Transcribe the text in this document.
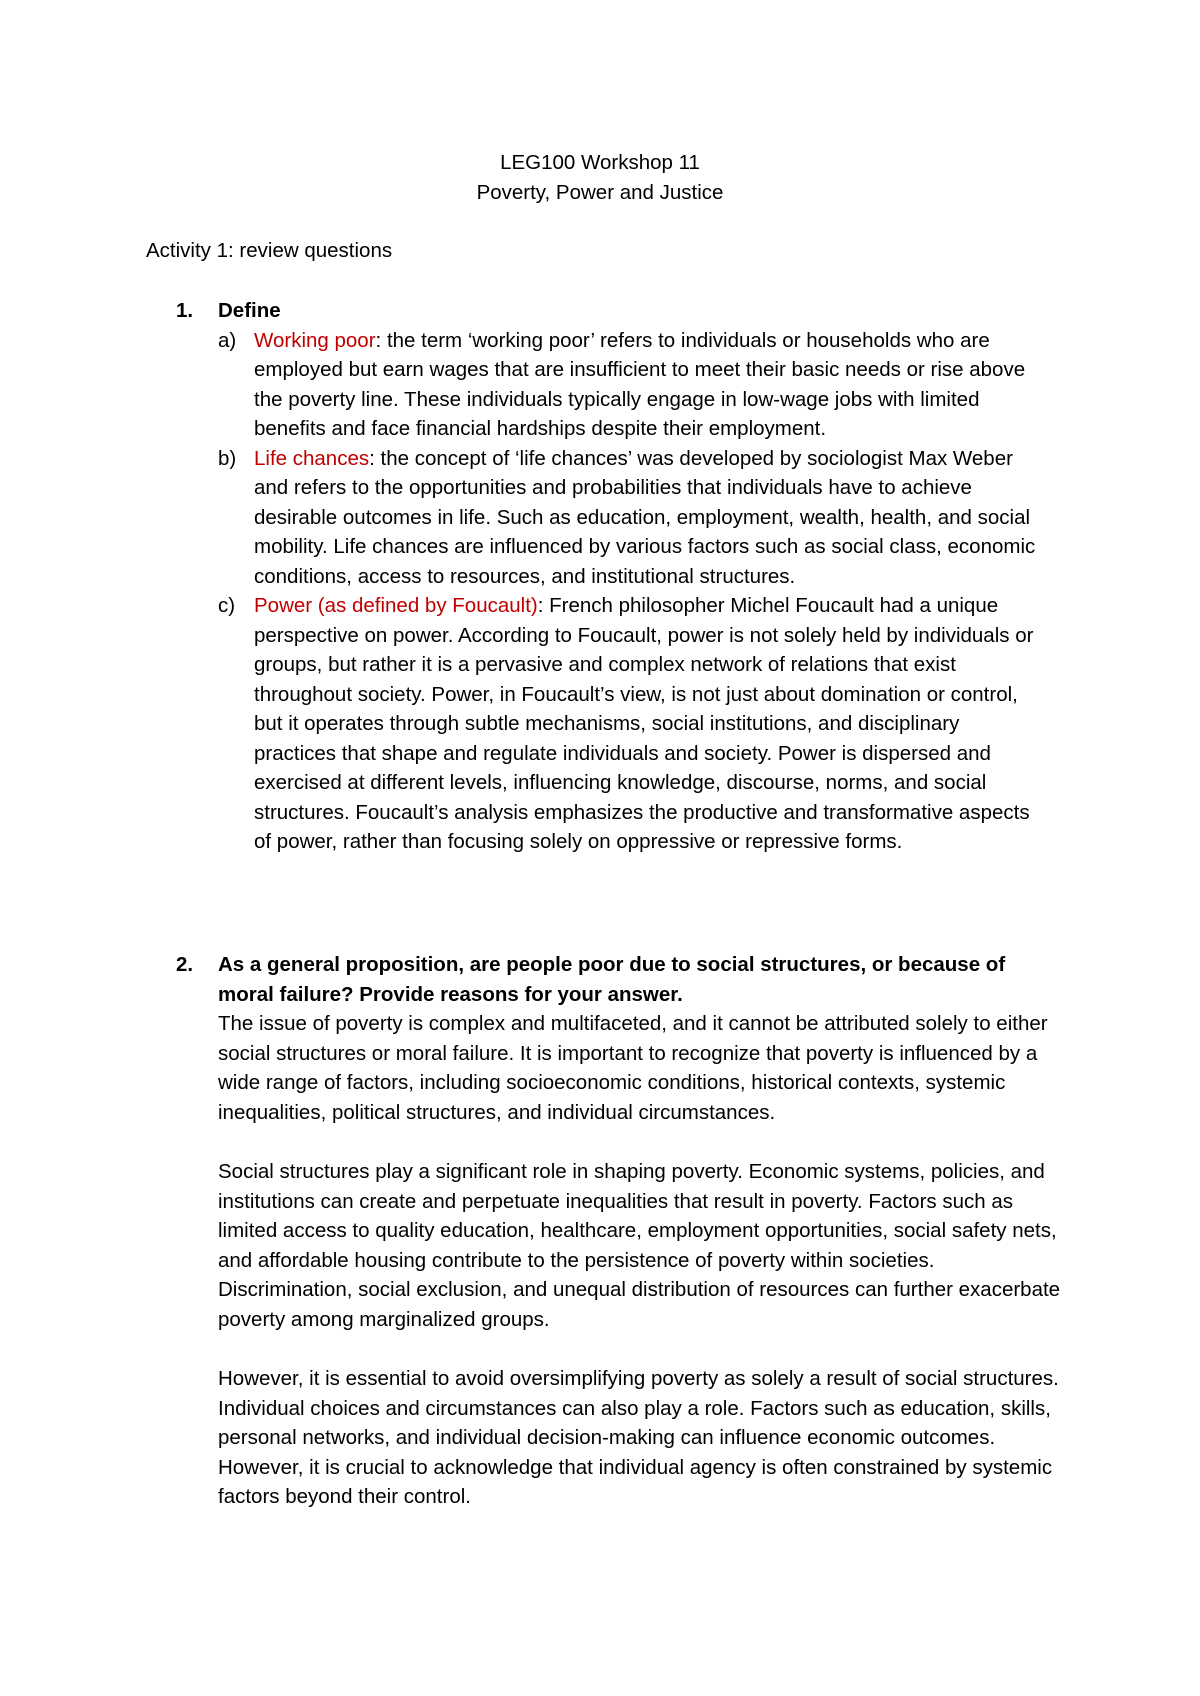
LEG100 Workshop 11
Poverty, Power and Justice
Activity 1: review questions
1. Define
a) Working poor: the term ‘working poor’ refers to individuals or households who are employed but earn wages that are insufficient to meet their basic needs or rise above the poverty line. These individuals typically engage in low-wage jobs with limited benefits and face financial hardships despite their employment.
b) Life chances: the concept of ‘life chances’ was developed by sociologist Max Weber and refers to the opportunities and probabilities that individuals have to achieve desirable outcomes in life. Such as education, employment, wealth, health, and social mobility. Life chances are influenced by various factors such as social class, economic conditions, access to resources, and institutional structures.
c) Power (as defined by Foucault): French philosopher Michel Foucault had a unique perspective on power. According to Foucault, power is not solely held by individuals or groups, but rather it is a pervasive and complex network of relations that exist throughout society. Power, in Foucault’s view, is not just about domination or control, but it operates through subtle mechanisms, social institutions, and disciplinary practices that shape and regulate individuals and society. Power is dispersed and exercised at different levels, influencing knowledge, discourse, norms, and social structures. Foucault’s analysis emphasizes the productive and transformative aspects of power, rather than focusing solely on oppressive or repressive forms.
2. As a general proposition, are people poor due to social structures, or because of moral failure? Provide reasons for your answer.
The issue of poverty is complex and multifaceted, and it cannot be attributed solely to either social structures or moral failure. It is important to recognize that poverty is influenced by a wide range of factors, including socioeconomic conditions, historical contexts, systemic inequalities, political structures, and individual circumstances.
Social structures play a significant role in shaping poverty. Economic systems, policies, and institutions can create and perpetuate inequalities that result in poverty. Factors such as limited access to quality education, healthcare, employment opportunities, social safety nets, and affordable housing contribute to the persistence of poverty within societies. Discrimination, social exclusion, and unequal distribution of resources can further exacerbate poverty among marginalized groups.
However, it is essential to avoid oversimplifying poverty as solely a result of social structures. Individual choices and circumstances can also play a role. Factors such as education, skills, personal networks, and individual decision-making can influence economic outcomes. However, it is crucial to acknowledge that individual agency is often constrained by systemic factors beyond their control.
